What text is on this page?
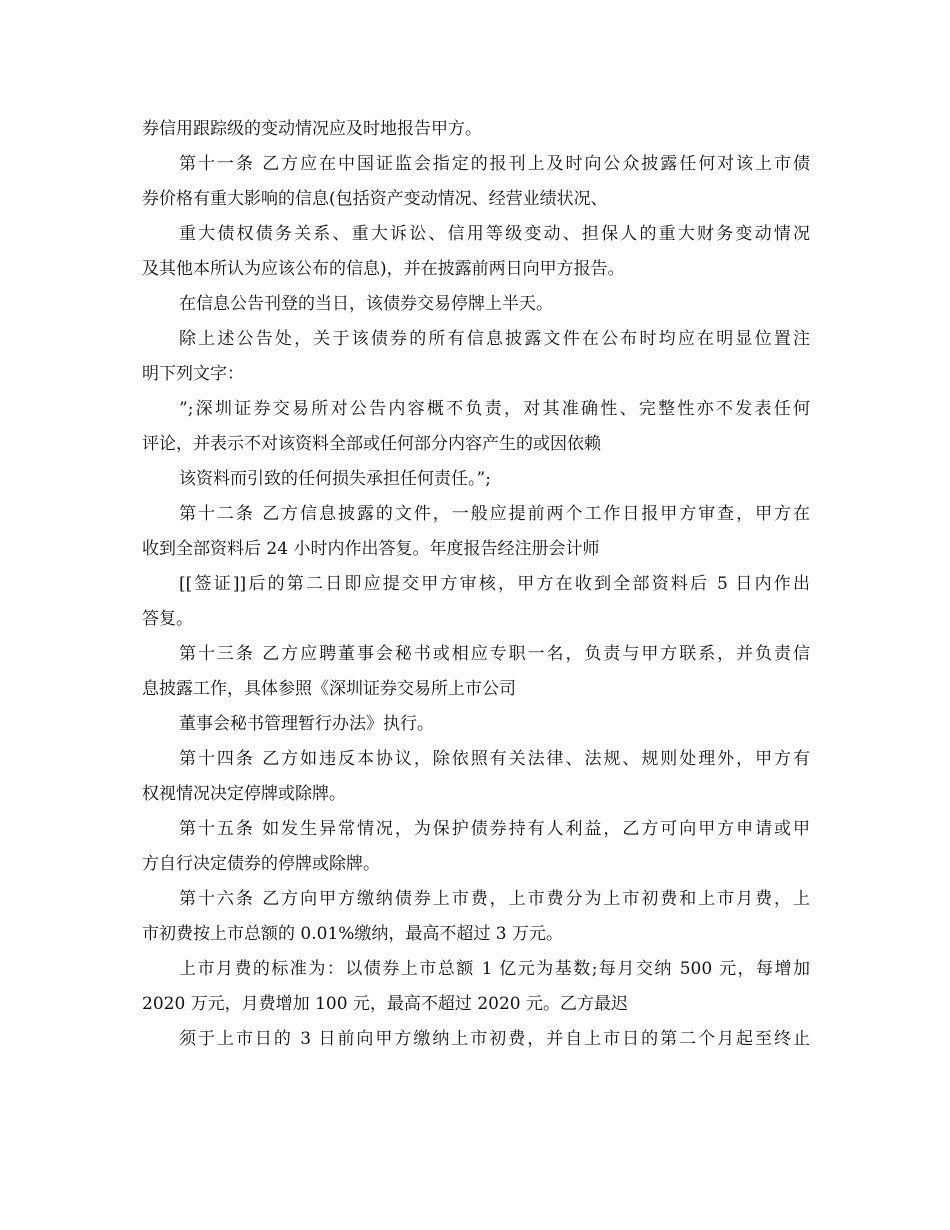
券信用跟踪级的变动情况应及时地报告甲方。
第十一条 乙方应在中国证监会指定的报刊上及时向公众披露任何对该上市债
券价格有重大影响的信息(包括资产变动情况、经营业绩状况、
重大债权债务关系、重大诉讼、信用等级变动、担保人的重大财务变动情况
及其他本所认为应该公布的信息)，并在披露前两日向甲方报告。
在信息公告刊登的当日，该债券交易停牌上半天。
除上述公告处，关于该债券的所有信息披露文件在公布时均应在明显位置注
明下列文字：
”;深圳证券交易所对公告内容概不负责，对其准确性、完整性亦不发表任何
评论，并表示不对该资料全部或任何部分内容产生的或因依赖
该资料而引致的任何损失承担任何责任。”;
第十二条 乙方信息披露的文件，一般应提前两个工作日报甲方审查，甲方在
收到全部资料后 24 小时内作出答复。年度报告经注册会计师
[[签证]]后的第二日即应提交甲方审核，甲方在收到全部资料后 5 日内作出
答复。
第十三条 乙方应聘董事会秘书或相应专职一名，负责与甲方联系，并负责信
息披露工作，具体参照《深圳证券交易所上市公司
董事会秘书管理暂行办法》执行。
第十四条 乙方如违反本协议，除依照有关法律、法规、规则处理外，甲方有
权视情况决定停牌或除牌。
第十五条 如发生异常情况，为保护债券持有人利益，乙方可向甲方申请或甲
方自行决定债券的停牌或除牌。
第十六条 乙方向甲方缴纳债券上市费，上市费分为上市初费和上市月费，上
市初费按上市总额的 0.01%缴纳，最高不超过 3 万元。
上市月费的标准为：以债券上市总额 1 亿元为基数;每月交纳 500 元，每增加
2020 万元，月费增加 100 元，最高不超过 2020 元。乙方最迟
须于上市日的 3 日前向甲方缴纳上市初费，并自上市日的第二个月起至终止
